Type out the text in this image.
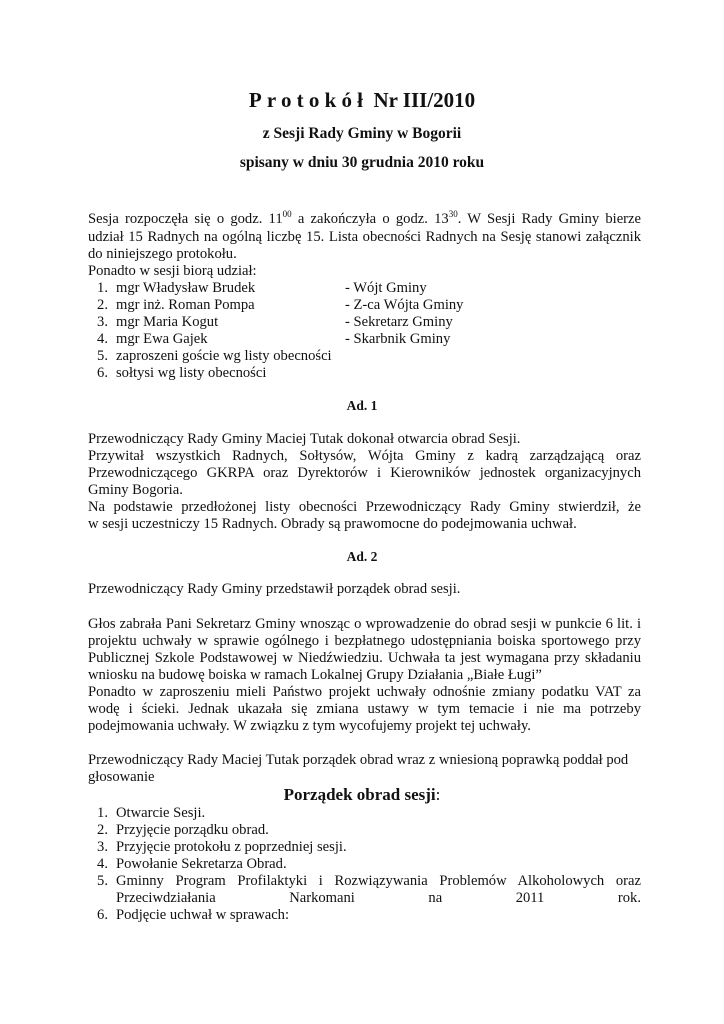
Protokół Nr III/2010
z Sesji Rady Gminy w Bogorii
spisany w dniu 30 grudnia 2010 roku
Sesja rozpoczęła się o godz. $11^{00}$ a zakończyła o godz. $13^{30}$. W Sesji Rady Gminy bierze
udział 15 Radnych na ogólną liczbę 15. Lista obecności Radnych na Sesję stanowi załącznik
do niniejszego protokołu.
Ponadto w sesji biorą udział:
1. mgr Władysław Brudek	- Wójt Gminy
2. mgr inż. Roman Pompa	- Z-ca Wójta Gminy
3. mgr Maria Kogut	- Sekretarz Gminy
4. mgr Ewa Gajek	- Skarbnik Gminy
5. zaproszeni goście wg listy obecności
6. sołtysi wg listy obecności
Ad. 1
Przewodniczący Rady Gminy Maciej Tutak dokonał otwarcia obrad Sesji.
Przywitał wszystkich Radnych, Sołtysów, Wójta Gminy z kadrą zarządzającą oraz
Przewodniczącego GKRPA oraz Dyrektorów i Kierowników jednostek organizacyjnych
Gminy Bogoria.
Na podstawie przedłożonej listy obecności Przewodniczący Rady Gminy stwierdził, że
w sesji uczestniczy 15 Radnych. Obrady są prawomocne do podejmowania uchwał.
Ad. 2
Przewodniczący Rady Gminy przedstawił porządek obrad sesji.
Głos zabrała Pani Sekretarz Gminy wnosząc o wprowadzenie do obrad sesji w punkcie 6 lit. i
projektu uchwały w sprawie ogólnego i bezpłatnego udostępniania boiska sportowego przy
Publicznej Szkole Podstawowej w Niedźwiedziu. Uchwała ta jest wymagana przy składaniu
wniosku na budowę boiska w ramach Lokalnej Grupy Działania „Białe Ługi”
Ponadto w zaproszeniu mieli Państwo projekt uchwały odnośnie zmiany podatku VAT za
wodę i ścieki. Jednak ukazała się zmiana ustawy w tym temacie i nie ma potrzeby
podejmowania uchwały. W związku z tym wycofujemy projekt tej uchwały.
Przewodniczący Rady Maciej Tutak porządek obrad wraz z wniesioną poprawką poddał pod
głosowanie
Porządek obrad sesji:
1. Otwarcie Sesji.
2. Przyjęcie porządku obrad.
3. Przyjęcie protokołu z poprzedniej sesji.
4. Powołanie Sekretarza Obrad.
5. Gminny Program Profilaktyki i Rozwiązywania Problemów Alkoholowych oraz
Przeciwdziałania Narkomani na 2011 rok.
6. Podjęcie uchwał w sprawach:
